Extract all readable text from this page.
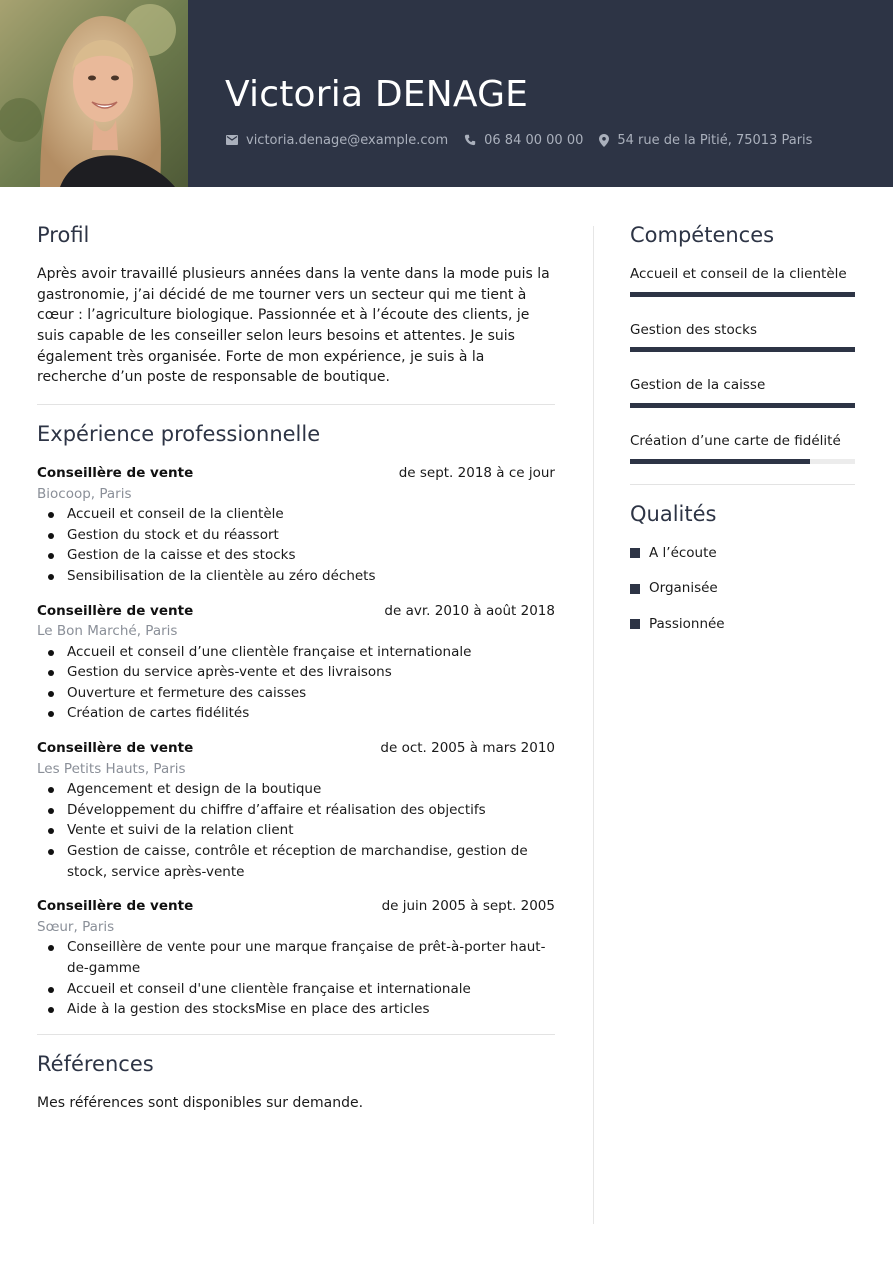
Victoria DENAGE
victoria.denage@example.com	06 84 00 00 00	54 rue de la Pitié, 75013 Paris
Profil

Après avoir travaillé plusieurs années dans la vente dans la mode puis la gastronomie, j’ai décidé de me tourner vers un secteur qui me tient à cœur : l’agriculture biologique. Passionnée et à l’écoute des clients, je suis capable de les conseiller selon leurs besoins et attentes. Je suis également très organisée. Forte de mon expérience, je suis à la recherche d’un poste de responsable de boutique.

Expérience professionnelle
Conseillère de vente	de sept. 2018 à ce jour
Biocoop, Paris
Accueil et conseil de la clientèle
Gestion du stock et du réassort
Gestion de la caisse et des stocks
Sensibilisation de la clientèle au zéro déchets
Conseillère de vente	de avr. 2010 à août 2018
Le Bon Marché, Paris
Accueil et conseil d’une clientèle française et internationale
Gestion du service après-vente et des livraisons
Ouverture et fermeture des caisses
Création de cartes fidélités
Conseillère de vente	de oct. 2005 à mars 2010
Les Petits Hauts, Paris
Agencement et design de la boutique
Développement du chiffre d’affaire et réalisation des objectifs
Vente et suivi de la relation client
Gestion de caisse, contrôle et réception de marchandise, gestion de stock, service après-vente
Conseillère de vente	de juin 2005 à sept. 2005
Sœur, Paris
Conseillère de vente pour une marque française de prêt-à-porter haut-de-gamme
Accueil et conseil d'une clientèle française et internationale
Aide à la gestion des stocksMise en place des articles
Références

Mes références sont disponibles sur demande.

Compétences
Accueil et conseil de la clientèle
Gestion des stocks
Gestion de la caisse
Création d’une carte de fidélité
Qualités
A l’écoute
Organisée
Passionnée
